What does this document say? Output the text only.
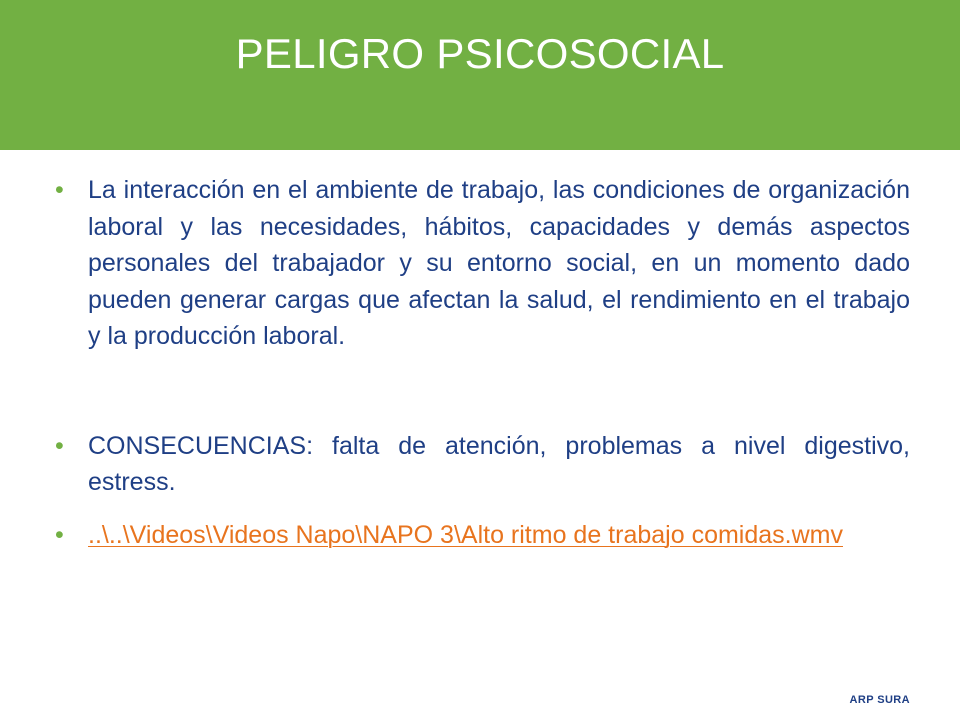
PELIGRO PSICOSOCIAL
• La interacción en el ambiente de trabajo, las condiciones de organización laboral y las necesidades, hábitos, capacidades y demás aspectos personales del trabajador y su entorno social, en un momento dado pueden generar cargas que afectan la salud, el rendimiento en el trabajo y la producción laboral.
• CONSECUENCIAS: falta de atención, problemas a nivel digestivo, estress.
• ..\..\Videos\Videos Napo\NAPO 3\Alto ritmo de trabajo comidas.wmv
ARP SURA
